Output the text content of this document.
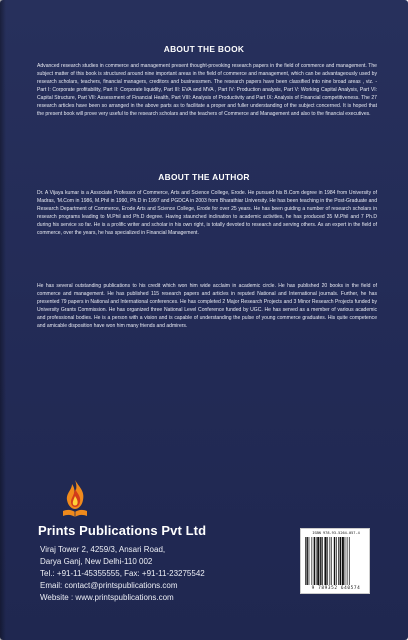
ABOUT THE BOOK

Advanced research studies in commerce and management present thought-provoking research papers in the field of commerce and management. The subject matter of this book is structured around nine important areas in the field of commerce and management, which can be advantageously used by research scholars, teachers, financial managers, creditors and businessmen. The research papers have been classified into nine broad areas , viz. - Part I: Corporate profitability, Part II: Corporate liquidity, Part III: EVA and MVA , Part IV: Production analysis, Part V: Working Capital Analysis, Part VI: Capital Structure, Part VII: Assessment of Financial Health, Part VIII: Analysis of Productivity and Part IX: Analysis of Financial competitiveness. The 27 research articles have been so arranged in the above parts as to facilitate a proper and fuller understanding of the subject concerned. It is hoped that the present book will prove very useful to the research scholars and the teachers of Commerce and Management and also to the financial executives.

ABOUT THE AUTHOR

Dr. A Vijaya kumar is a Associate Professor of Commerce, Arts and Science College, Erode. He pursued his B.Com degree in 1984 from University of Madras, 'M.Com in 1986, M.Phil in 1990, Ph.D in 1997 and PGDCA in 2003 from Bharathiar University. He has been teaching in the Post-Graduate and Research Department of Commerce, Erode Arts and Science College, Erode for over 25 years. He has been guiding a number of research scholars in research programs leading to M.Phil and Ph.D degree. Having staunched inclination to academic activities, he has produced 35 M.Phil and 7 Ph.D during his service so far. He is a prolific writer and scholar in his own right, is totally devoted to research and serving others. As an expert in the field of commerce, over the years, he has specialized in Financial Management.

He has several outstanding publications to his credit which won him wide acclaim in academic circle. He has published 20 books in the field of commerce and management. He has published 115 research papers and articles in reputed National and International journals. Further, he has presented 79 papers in National and International conferences. He has completed 2 Major Research Projects and 3 Minor Research Projects funded by University Grants Commission. He has organized three National Level Conference funded by UGC. He has served as a member of various academic and professional bodies. He is a person with a vision and is capable of understanding the pulse of young commerce graduates. His quite competence and amicable disposition have won him many friends and admirers.

Prints Publications Pvt Ltd
Viraj Tower 2, 4259/3, Ansari Road,
Darya Ganj, New Delhi-110 002
Tel.: +91-11-45355555, Fax: +91-11-23275542
Email: contact@printspublications.com
Website : www.printspublications.com
ISBN 978-93-5264-057-4
9 789352 640574
